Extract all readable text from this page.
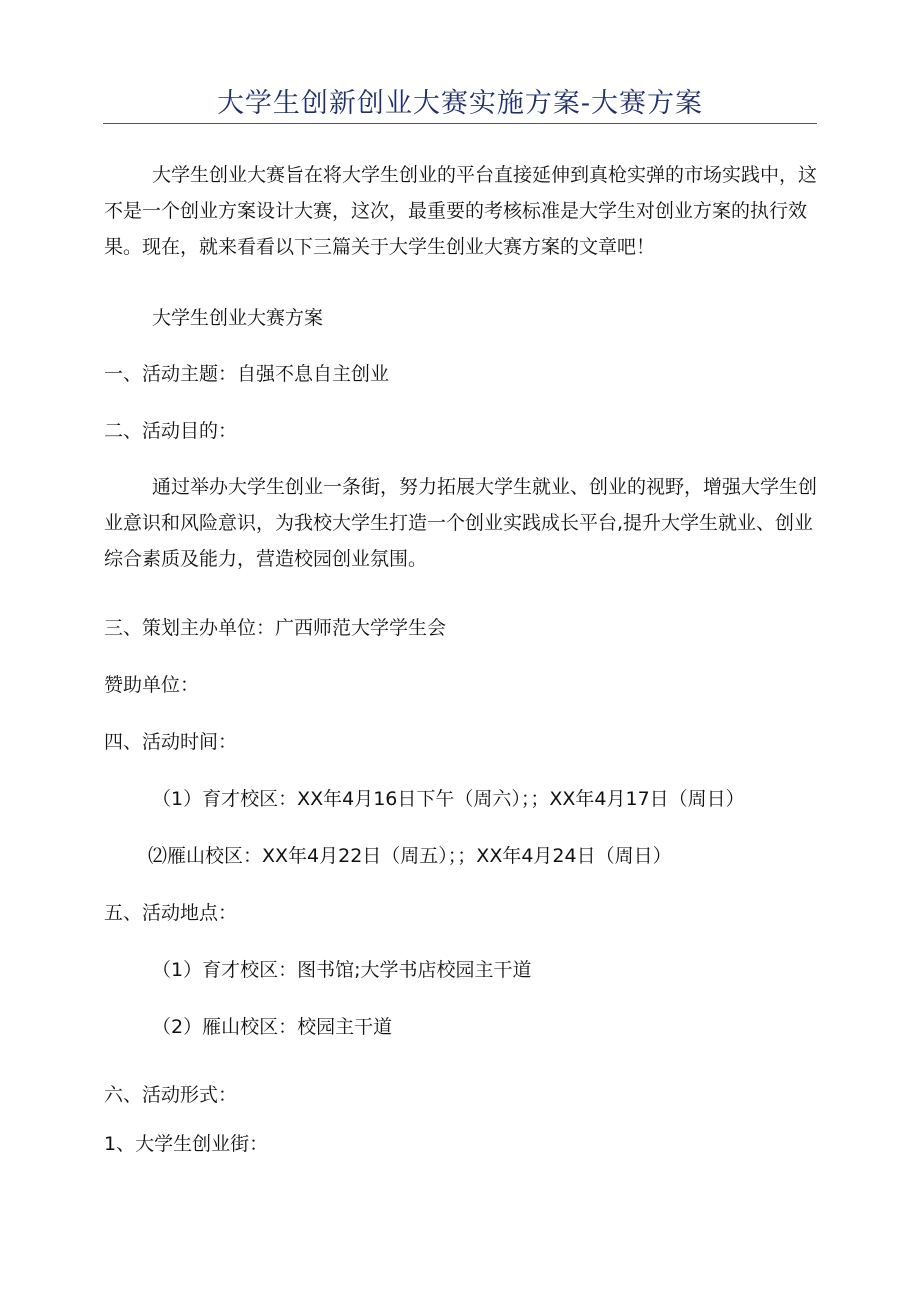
大学生创新创业大赛实施方案-大赛方案
大学生创业大赛旨在将大学生创业的平台直接延伸到真枪实弹的市场实践中，这不是一个创业方案设计大赛，这次，最重要的考核标准是大学生对创业方案的执行效果。现在，就来看看以下三篇关于大学生创业大赛方案的文章吧！
大学生创业大赛方案
一、活动主题：自强不息自主创业
二、活动目的：
通过举办大学生创业一条街，努力拓展大学生就业、创业的视野，增强大学生创业意识和风险意识，为我校大学生打造一个创业实践成长平台,提升大学生就业、创业综合素质及能力，营造校园创业氛围。
三、策划主办单位：广西师范大学学生会
赞助单位：
四、活动时间：
（1）育才校区：XX年4月16日下午（周六）；；XX年4月17日（周日）
⑵雁山校区：XX年4月22日（周五）；；XX年4月24日（周日）
五、活动地点：
（1）育才校区：图书馆;大学书店校园主干道
（2）雁山校区：校园主干道
六、活动形式：
1、大学生创业街：
